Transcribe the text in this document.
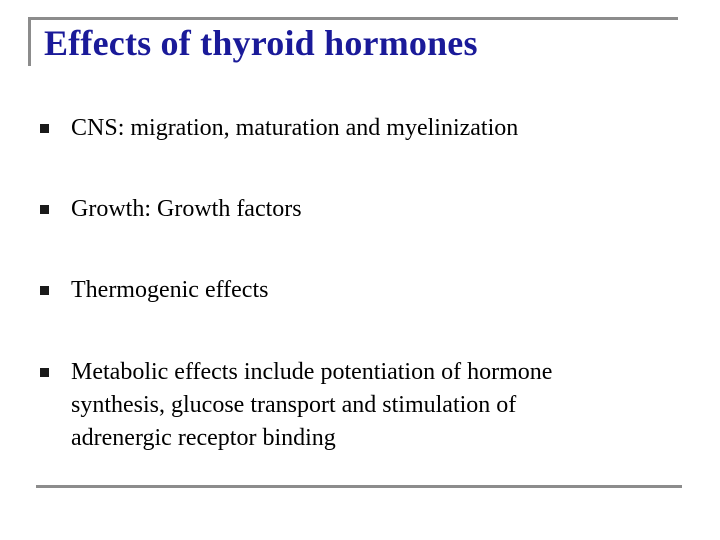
Effects of thyroid hormones
CNS: migration, maturation and myelinization
Growth: Growth factors
Thermogenic effects
Metabolic effects include potentiation of hormone synthesis, glucose transport and stimulation of adrenergic receptor binding
